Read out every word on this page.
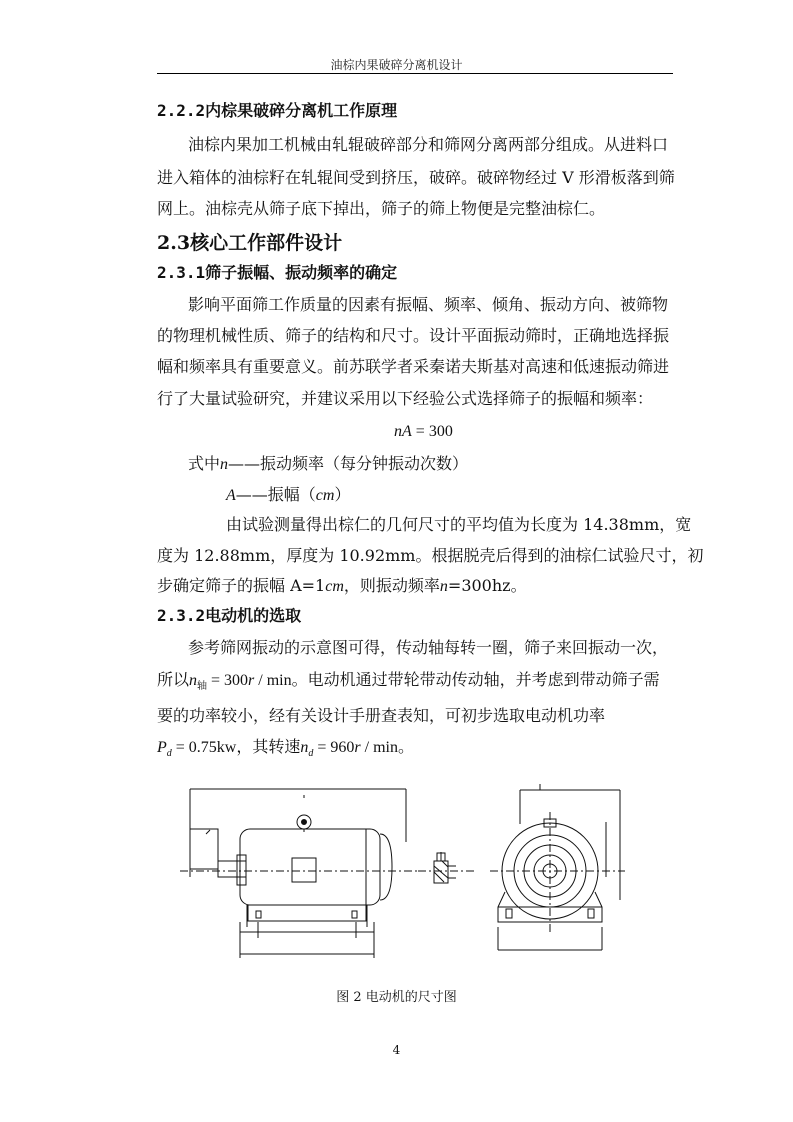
油棕内果破碎分离机设计
2.2.2内棕果破碎分离机工作原理
油棕内果加工机械由轧辊破碎部分和筛网分离两部分组成。从进料口
进入箱体的油棕籽在轧辊间受到挤压，破碎。破碎物经过 V 形滑板落到筛
网上。油棕壳从筛子底下掉出，筛子的筛上物便是完整油棕仁。
2.3核心工作部件设计
2.3.1筛子振幅、振动频率的确定
影响平面筛工作质量的因素有振幅、频率、倾角、振动方向、被筛物
的物理机械性质、筛子的结构和尺寸。设计平面振动筛时，正确地选择振
幅和频率具有重要意义。前苏联学者采秦诺夫斯基对高速和低速振动筛进
行了大量试验研究，并建议采用以下经验公式选择筛子的振幅和频率：
nA = 300
式中n——振动频率（每分钟振动次数）
A——振幅（cm）
由试验测量得出棕仁的几何尺寸的平均值为长度为 14.38mm，宽
度为 12.88mm，厚度为 10.92mm。根据脱壳后得到的油棕仁试验尺寸，初
步确定筛子的振幅 A=1cm，则振动频率n=300hz。
2.3.2电动机的选取
参考筛网振动的示意图可得，传动轴每转一圈，筛子来回振动一次，
所以$n_轴 = 300r / \min$。电动机通过带轮带动传动轴，并考虑到带动筛子需
要的功率较小，经有关设计手册查表知，可初步选取电动机功率
$P_d = 0.75kw$，其转速$n_d = 960r / \min$。
图 2 电动机的尺寸图
4
